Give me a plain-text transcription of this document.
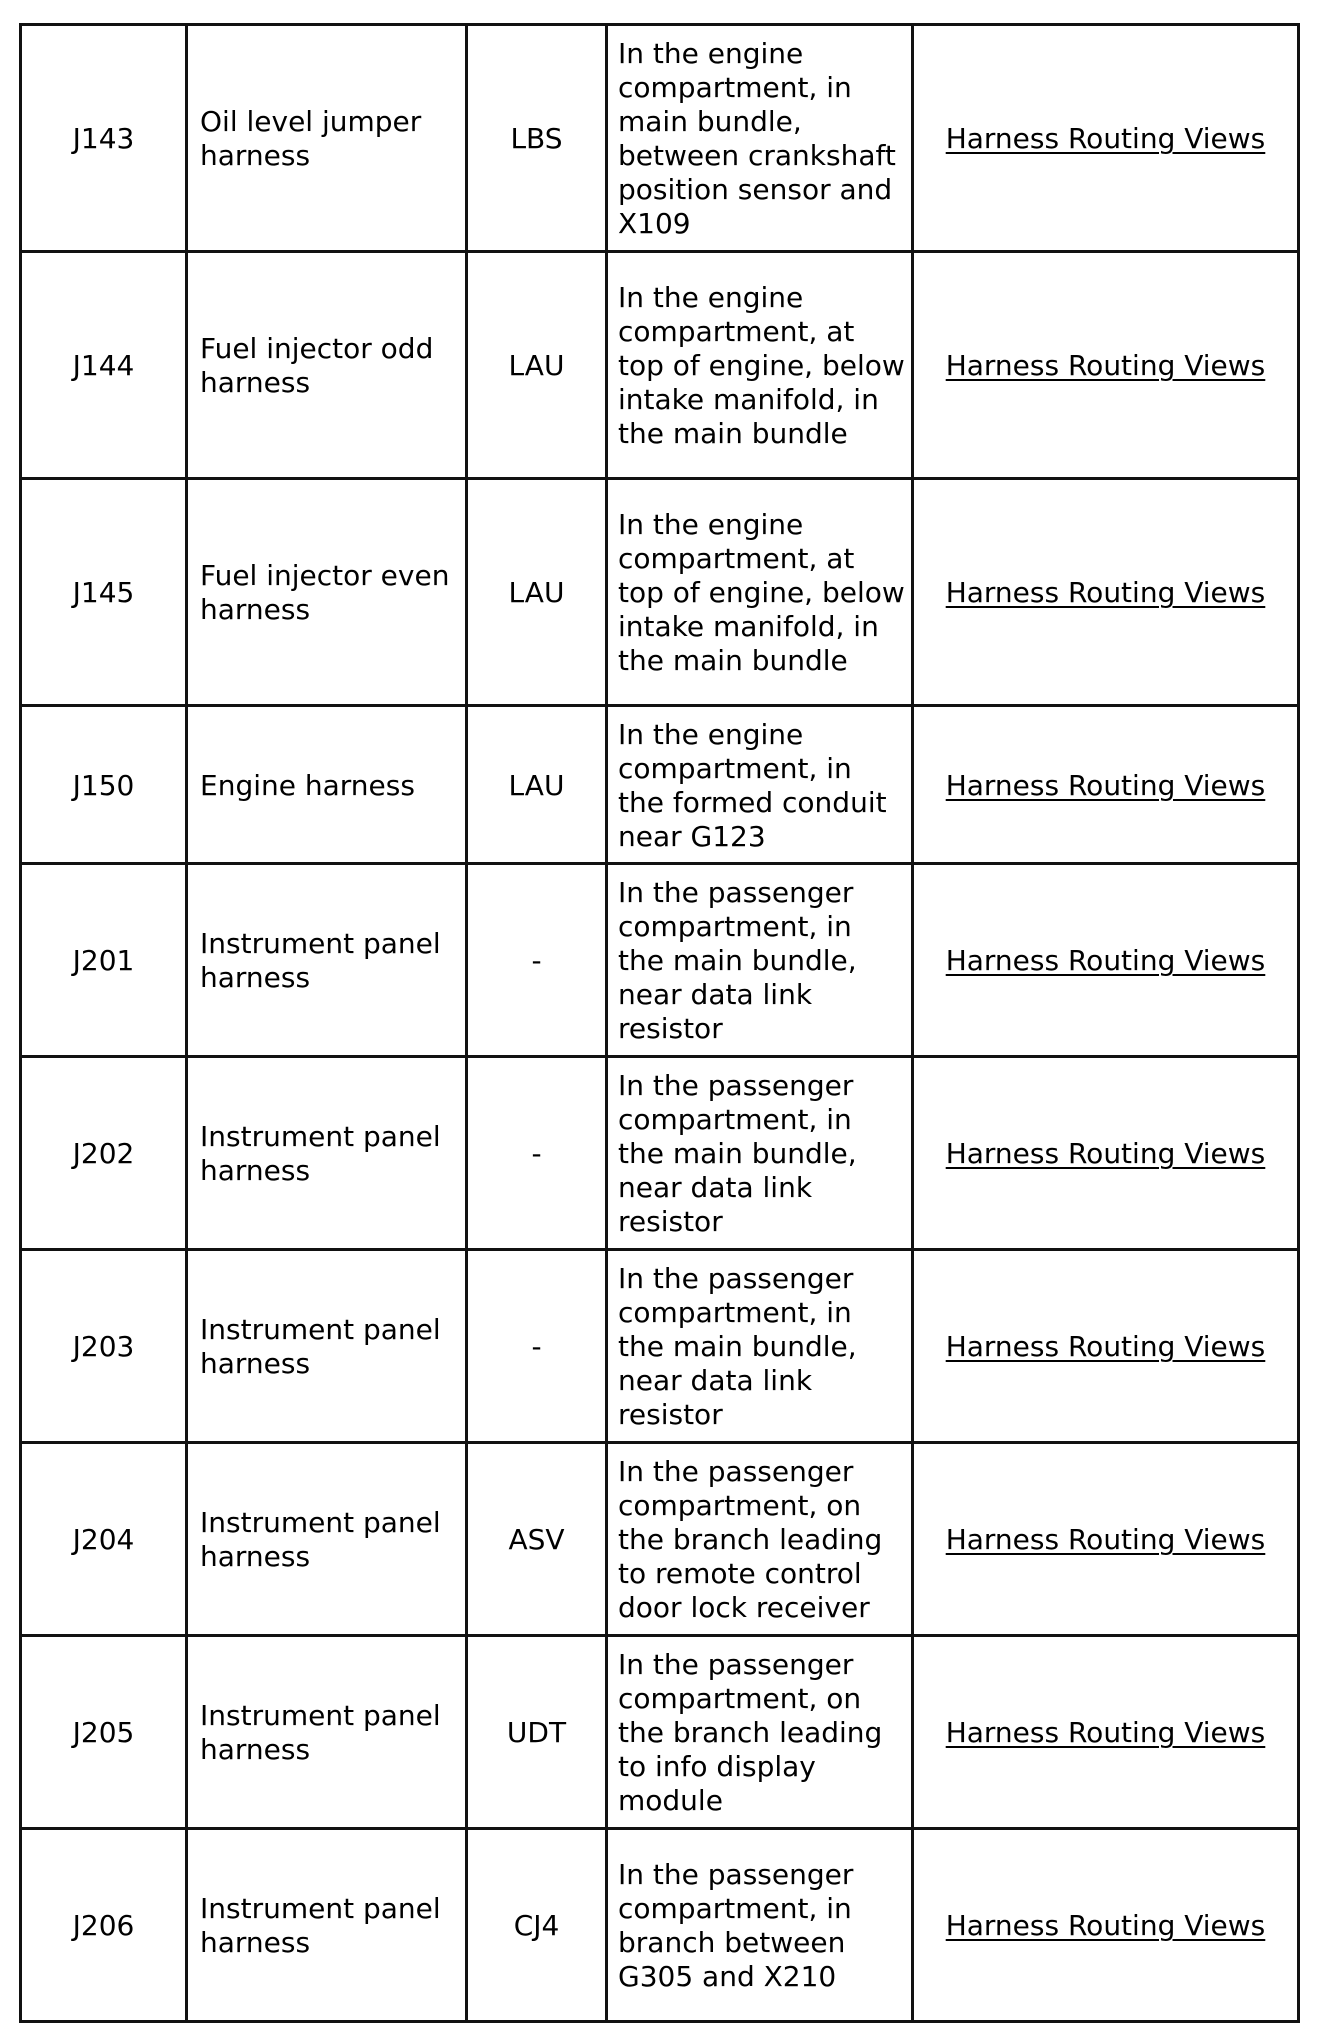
J143	Oil level jumper harness	LBS	In the engine compartment, in main bundle, between crankshaft position sensor and X109	Harness Routing Views
J144	Fuel injector odd harness	LAU	In the engine compartment, at top of engine, below intake manifold, in the main bundle	Harness Routing Views
J145	Fuel injector even harness	LAU	In the engine compartment, at top of engine, below intake manifold, in the main bundle	Harness Routing Views
J150	Engine harness	LAU	In the engine compartment, in the formed conduit near G123	Harness Routing Views
J201	Instrument panel harness	-	In the passenger compartment, in the main bundle, near data link resistor	Harness Routing Views
J202	Instrument panel harness	-	In the passenger compartment, in the main bundle, near data link resistor	Harness Routing Views
J203	Instrument panel harness	-	In the passenger compartment, in the main bundle, near data link resistor	Harness Routing Views
J204	Instrument panel harness	ASV	In the passenger compartment, on the branch leading to remote control door lock receiver	Harness Routing Views
J205	Instrument panel harness	UDT	In the passenger compartment, on the branch leading to info display module	Harness Routing Views
J206	Instrument panel harness	CJ4	In the passenger compartment, in branch between G305 and X210	Harness Routing Views
